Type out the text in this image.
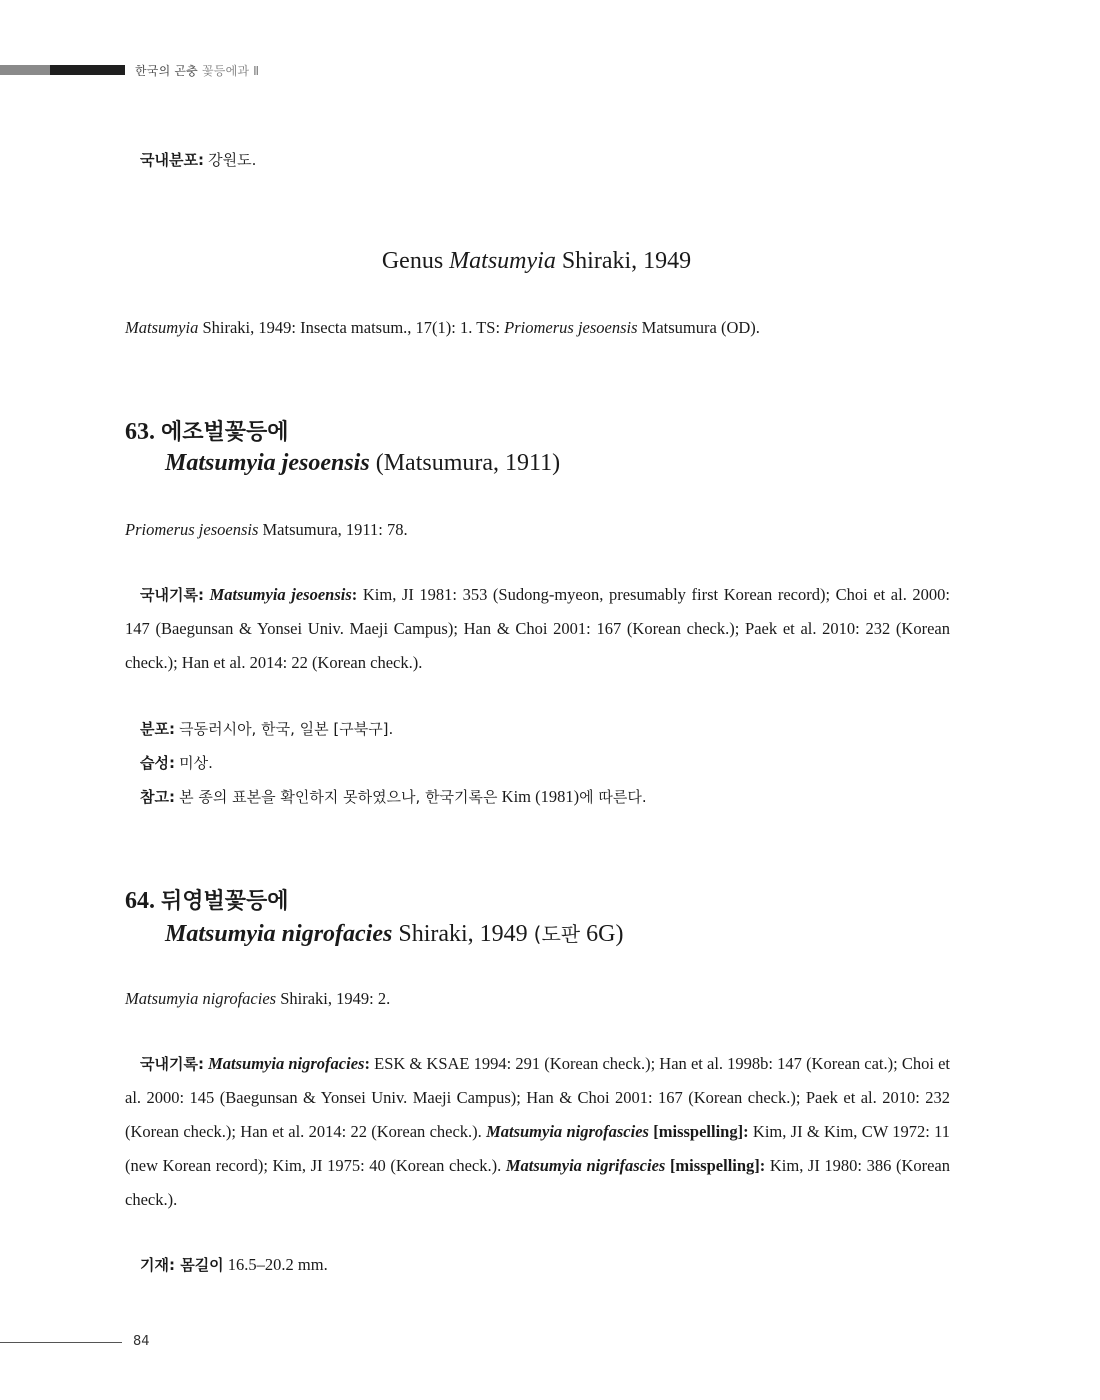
한국의 곤충 꽃등에과 Ⅱ
국내분포: 강원도.
Genus Matsumyia Shiraki, 1949
Matsumyia Shiraki, 1949: Insecta matsum., 17(1): 1. TS: Priomerus jesoensis Matsumura (OD).
63. 에조벌꽃등에
Matsumyia jesoensis (Matsumura, 1911)
Priomerus jesoensis Matsumura, 1911: 78.
국내기록: Matsumyia jesoensis: Kim, JI 1981: 353 (Sudong-myeon, presumably first Korean record); Choi et al. 2000: 147 (Baegunsan & Yonsei Univ. Maeji Campus); Han & Choi 2001: 167 (Korean check.); Paek et al. 2010: 232 (Korean check.); Han et al. 2014: 22 (Korean check.).
분포: 극동러시아, 한국, 일본 [구북구].
습성: 미상.
참고: 본 종의 표본을 확인하지 못하였으나, 한국기록은 Kim (1981)에 따른다.
64. 뒤영벌꽃등에
Matsumyia nigrofacies Shiraki, 1949 (도판 6G)
Matsumyia nigrofacies Shiraki, 1949: 2.
국내기록: Matsumyia nigrofacies: ESK & KSAE 1994: 291 (Korean check.); Han et al. 1998b: 147 (Korean cat.); Choi et al. 2000: 145 (Baegunsan & Yonsei Univ. Maeji Campus); Han & Choi 2001: 167 (Korean check.); Paek et al. 2010: 232 (Korean check.); Han et al. 2014: 22 (Korean check.). Matsumyia nigrofascies [misspelling]: Kim, JI & Kim, CW 1972: 11 (new Korean record); Kim, JI 1975: 40 (Korean check.). Matsumyia nigrifascies [misspelling]: Kim, JI 1980: 386 (Korean check.).
기재: 몸길이 16.5–20.2 mm.
84
